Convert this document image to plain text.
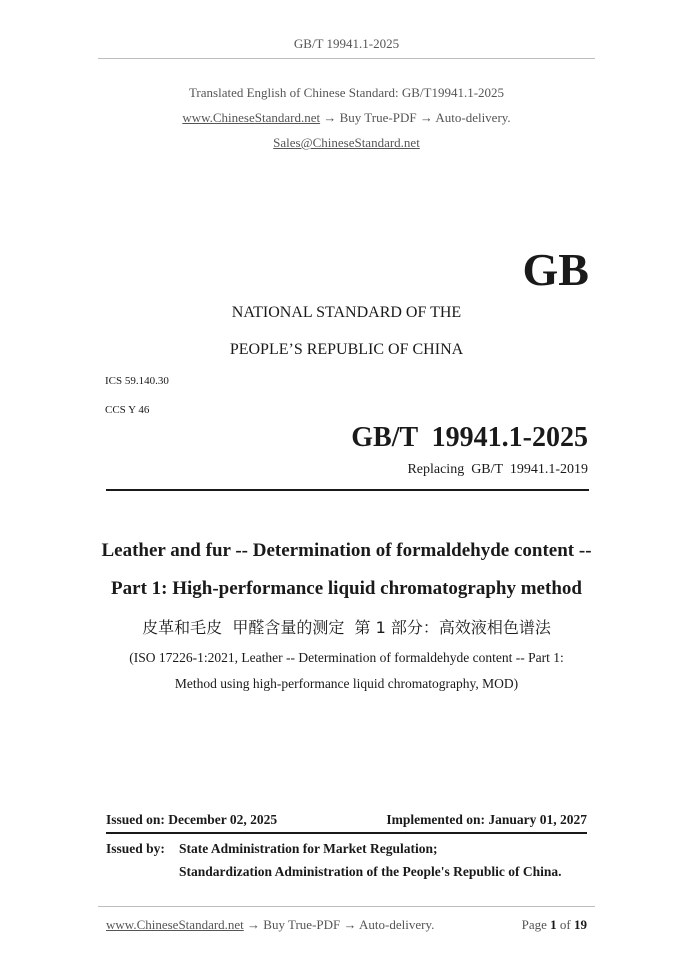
GB/T 19941.1-2025
Translated English of Chinese Standard: GB/T19941.1-2025
www.ChineseStandard.net → Buy True-PDF → Auto-delivery.
Sales@ChineseStandard.net
GB
NATIONAL STANDARD OF THE
PEOPLE’S REPUBLIC OF CHINA
ICS 59.140.30
CCS Y 46
GB/T  19941.1-2025
Replacing  GB/T  19941.1-2019
Leather and fur -- Determination of formaldehyde content --
Part 1: High-performance liquid chromatography method
皮革和毛皮  甲醛含量的测定  第 1 部分：高效液相色谱法
(ISO 17226-1:2021, Leather -- Determination of formaldehyde content -- Part 1:
Method using high-performance liquid chromatography, MOD)
Issued on: December 02, 2025	Implemented on: January 01, 2027
Issued by: State Administration for Market Regulation;
Standardization Administration of the People's Republic of China.
www.ChineseStandard.net → Buy True-PDF → Auto-delivery.	Page 1 of 19
